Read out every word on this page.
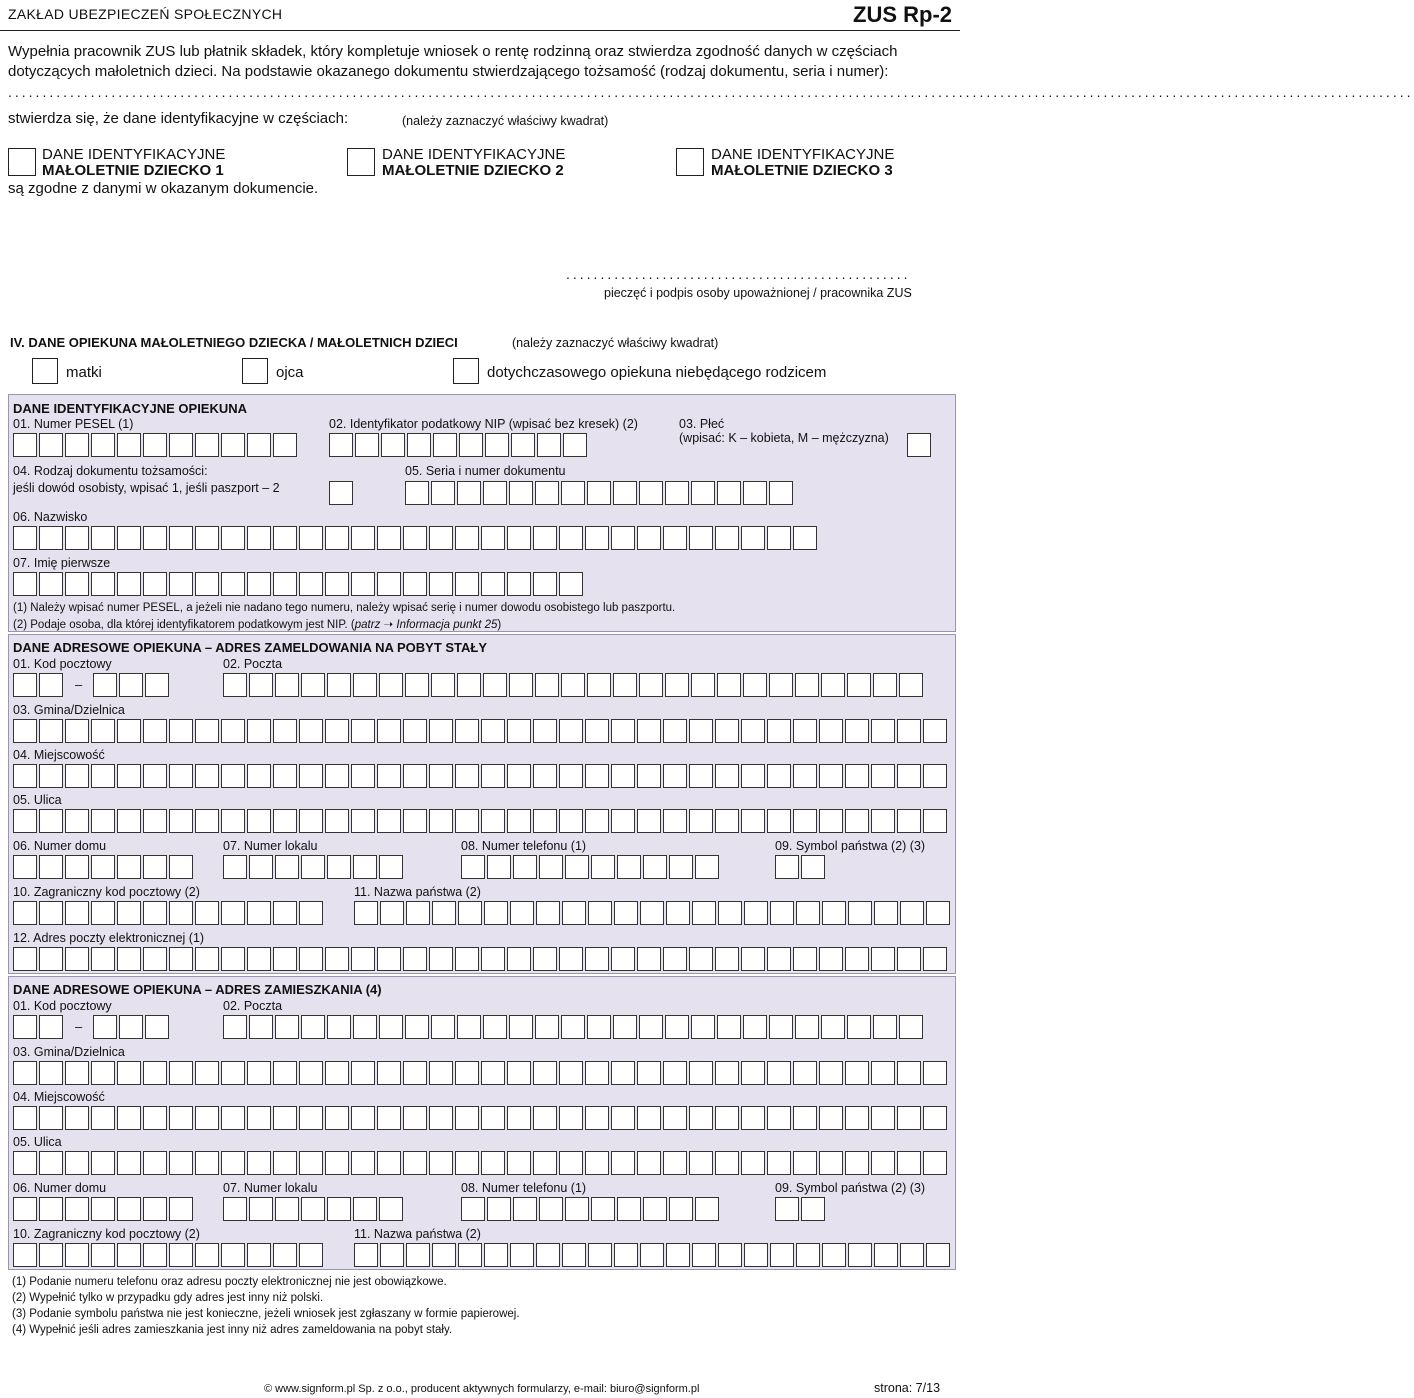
ZAKŁAD UBEZPIECZEŃ SPOŁECZNYCH	ZUS Rp-2
Wypełnia pracownik ZUS lub płatnik składek, który kompletuje wniosek o rentę rodzinną oraz stwierdza zgodność danych w częściach
dotyczących małoletnich dzieci. Na podstawie okazanego dokumentu stwierdzającego tożsamość (rodzaj dokumentu, seria i numer):
............................................................................................................................................................................................................
stwierdza się, że dane identyfikacyjne w częściach:	(należy zaznaczyć właściwy kwadrat)
DANE IDENTYFIKACYJNE
MAŁOLETNIE DZIECKO 1
DANE IDENTYFIKACYJNE
MAŁOLETNIE DZIECKO 2
DANE IDENTYFIKACYJNE
MAŁOLETNIE DZIECKO 3
są zgodne z danymi w okazanym dokumencie.
..................................................
pieczęć i podpis osoby upoważnionej / pracownika ZUS
IV. DANE OPIEKUNA MAŁOLETNIEGO DZIECKA / MAŁOLETNICH DZIECI	(należy zaznaczyć właściwy kwadrat)
matki	ojca	dotychczasowego opiekuna niebędącego rodzicem
DANE IDENTYFIKACYJNE OPIEKUNA
01. Numer PESEL (1)	02. Identyfikator podatkowy NIP (wpisać bez kresek) (2)	03. Płeć
(wpisać: K – kobieta, M – mężczyzna)
04. Rodzaj dokumentu tożsamości:
jeśli dowód osobisty, wpisać 1, jeśli paszport – 2
05. Seria i numer dokumentu
06. Nazwisko
07. Imię pierwsze
(1) Należy wpisać numer PESEL, a jeżeli nie nadano tego numeru, należy wpisać serię i numer dowodu osobistego lub paszportu.
(2) Podaje osoba, dla której identyfikatorem podatkowym jest NIP. (patrz ➝ Informacja punkt 25)
DANE ADRESOWE OPIEKUNA – ADRES ZAMELDOWANIA NA POBYT STAŁY
01. Kod pocztowy
–
02. Poczta
03. Gmina/Dzielnica
04. Miejscowość
05. Ulica
06. Numer domu	07. Numer lokalu	08. Numer telefonu (1)	09. Symbol państwa (2) (3)
10. Zagraniczny kod pocztowy (2)	11. Nazwa państwa (2)
12. Adres poczty elektronicznej (1)
DANE ADRESOWE OPIEKUNA – ADRES ZAMIESZKANIA (4)
01. Kod pocztowy
–
02. Poczta
03. Gmina/Dzielnica
04. Miejscowość
05. Ulica
06. Numer domu	07. Numer lokalu	08. Numer telefonu (1)	09. Symbol państwa (2) (3)
10. Zagraniczny kod pocztowy (2)	11. Nazwa państwa (2)
(1) Podanie numeru telefonu oraz adresu poczty elektronicznej nie jest obowiązkowe.
(2) Wypełnić tylko w przypadku gdy adres jest inny niż polski.
(3) Podanie symbolu państwa nie jest konieczne, jeżeli wniosek jest zgłaszany w formie papierowej.
(4) Wypełnić jeśli adres zamieszkania jest inny niż adres zameldowania na pobyt stały.
© www.signform.pl Sp. z o.o., producent aktywnych formularzy, e-mail: biuro@signform.pl	strona: 7/13
